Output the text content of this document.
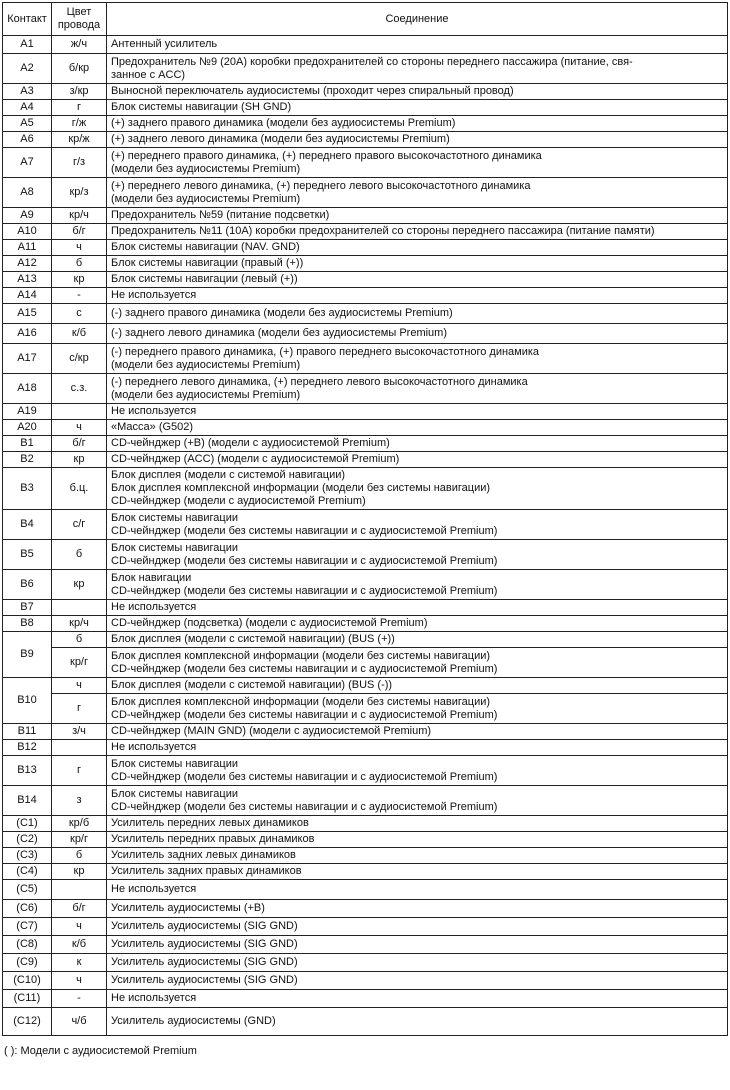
Контакт	Цвет провода	Соединение
A1	ж/ч	Антенный усилитель

A2	б/кр	Предохранитель №9 (20A) коробки предохранителей со стороны переднего пассажира (питание, свя-
занное с ACC)

A3	з/кр	Выносной переключатель аудиосистемы (проходит через спиральный провод)

A4	г	Блок системы навигации (SH GND)

A5	г/ж	(+) заднего правого динамика (модели без аудиосистемы Premium)

A6	кр/ж	(+) заднего левого динамика (модели без аудиосистемы Premium)

A7	г/з	(+) переднего правого динамика, (+) переднего правого высокочастотного динамика
(модели без аудиосистемы Premium)

A8	кр/з	(+) переднего левого динамика, (+) переднего левого высокочастотного динамика
(модели без аудиосистемы Premium)

A9	кр/ч	Предохранитель №59 (питание подсветки)

A10	б/г	Предохранитель №11 (10A) коробки предохранителей со стороны переднего пассажира (питание памяти)

A11	ч	Блок системы навигации (NAV. GND)

A12	б	Блок системы навигации (правый (+))

A13	кр	Блок системы навигации (левый (+))

A14	-	Не используется

A15	с	(-) заднего правого динамика (модели без аудиосистемы Premium)

A16	к/б	(-) заднего левого динамика (модели без аудиосистемы Premium)

A17	с/кр	(-) переднего правого динамика, (+) правого переднего высокочастотного динамика
(модели без аудиосистемы Premium)

A18	с.з.	(-) переднего левого динамика, (+) переднего левого высокочастотного динамика
(модели без аудиосистемы Premium)

A19		Не используется

A20	ч	«Масса» (G502)

B1	б/г	CD-чейнджер (+B) (модели с аудиосистемой Premium)

B2	кр	CD-чейнджер (ACC) (модели с аудиосистемой Premium)

B3	б.ц.	Блок дисплея (модели с системой навигации)
Блок дисплея комплексной информации (модели без системы навигации)
CD-чейнджер (модели с аудиосистемой Premium)

B4	с/г	Блок системы навигации
CD-чейнджер (модели без системы навигации и с аудиосистемой Premium)

B5	б	Блок системы навигации
CD-чейнджер (модели без системы навигации и с аудиосистемой Premium)

B6	кр	Блок навигации
CD-чейнджер (модели без системы навигации и с аудиосистемой Premium)

B7		Не используется

B8	кр/ч	CD-чейнджер (подсветка) (модели с аудиосистемой Premium)

B9	б	Блок дисплея (модели с системой навигации) (BUS (+))

	кр/г	Блок дисплея комплексной информации (модели без системы навигации)
CD-чейнджер (модели без системы навигации и с аудиосистемой Premium)

B10	ч	Блок дисплея (модели с системой навигации) (BUS (-))

	г	Блок дисплея комплексной информации (модели без системы навигации)
CD-чейнджер (модели без системы навигации и с аудиосистемой Premium)

B11	з/ч	CD-чейнджер (MAIN GND) (модели с аудиосистемой Premium)

B12		Не используется

B13	г	Блок системы навигации
CD-чейнджер (модели без системы навигации и с аудиосистемой Premium)

B14	з	Блок системы навигации
CD-чейнджер (модели без системы навигации и с аудиосистемой Premium)

(C1)	кр/б	Усилитель передних левых динамиков

(C2)	кр/г	Усилитель передних правых динамиков

(C3)	б	Усилитель задних левых динамиков

(C4)	кр	Усилитель задних правых динамиков

(C5)		Не используется

(C6)	б/г	Усилитель аудиосистемы (+B)

(C7)	ч	Усилитель аудиосистемы (SIG GND)

(C8)	к/б	Усилитель аудиосистемы (SIG GND)

(C9)	к	Усилитель аудиосистемы (SIG GND)

(C10)	ч	Усилитель аудиосистемы (SIG GND)

(C11)	-	Не используется

(C12)	ч/б	Усилитель аудиосистемы (GND)
( ): Модели с аудиосистемой Premium
